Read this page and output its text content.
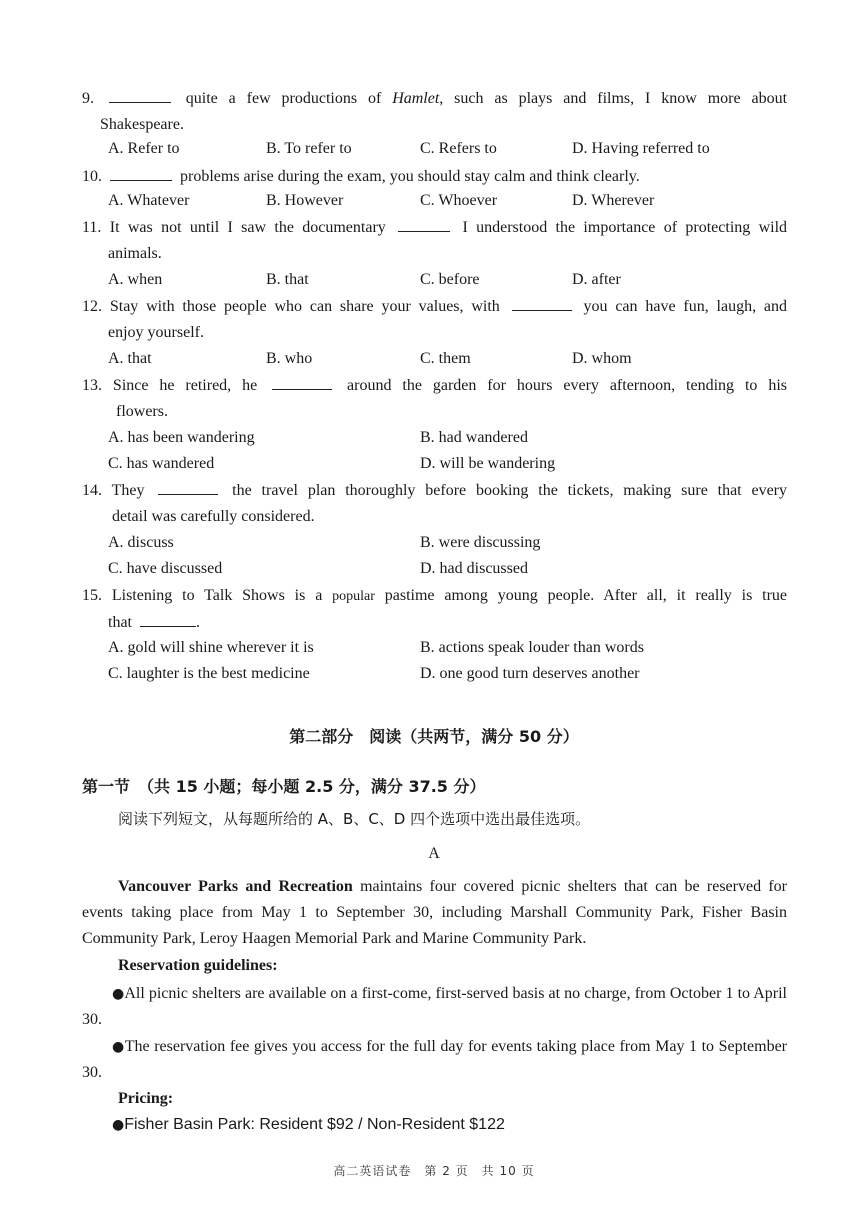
9.	quite a few productions of Hamlet, such as plays and films, I know more about
Shakespeare.
A. Refer to	B. To refer to	C. Refers to	D. Having referred to
10.	problems arise during the exam, you should stay calm and think clearly.
A. Whatever	B. However	C. Whoever	D. Wherever
11. It was not until I saw the documentary	I understood the importance of protecting wild
animals.
A. when	B. that	C. before	D. after
12. Stay with those people who can share your values, with	you can have fun, laugh, and
enjoy yourself.
A. that	B. who	C. them	D. whom
13. Since he retired, he	around the garden for hours every afternoon, tending to his
flowers.
A. has been wandering	B. had wandered
C. has wandered	D. will be wandering
14. They	the travel plan thoroughly before booking the tickets, making sure that every
detail was carefully considered.
A. discuss	B. were discussing
C. have discussed	D. had discussed
15. Listening to Talk Shows is a popular pastime among young people. After all, it really is true
that	.
A. gold will shine wherever it is	B. actions speak louder than words
C. laughter is the best medicine	D. one good turn deserves another
第二部分　阅读（共两节，满分 50 分）
第一节　（共 15 小题；每小题 2.5 分，满分 37.5 分）
阅读下列短文，从每题所给的 A、B、C、D 四个选项中选出最佳选项。
A
Vancouver Parks and Recreation maintains four covered picnic shelters that can be reserved for events taking place from May 1 to September 30, including Marshall Community Park, Fisher Basin Community Park, Leroy Haagen Memorial Park and Marine Community Park.
Reservation guidelines:
●All picnic shelters are available on a first-come, first-served basis at no charge, from October 1 to April 30.
●The reservation fee gives you access for the full day for events taking place from May 1 to September 30.
Pricing:
●Fisher Basin Park: Resident $92 / Non-Resident $122
高二英语试卷　第 2 页　共 10 页
